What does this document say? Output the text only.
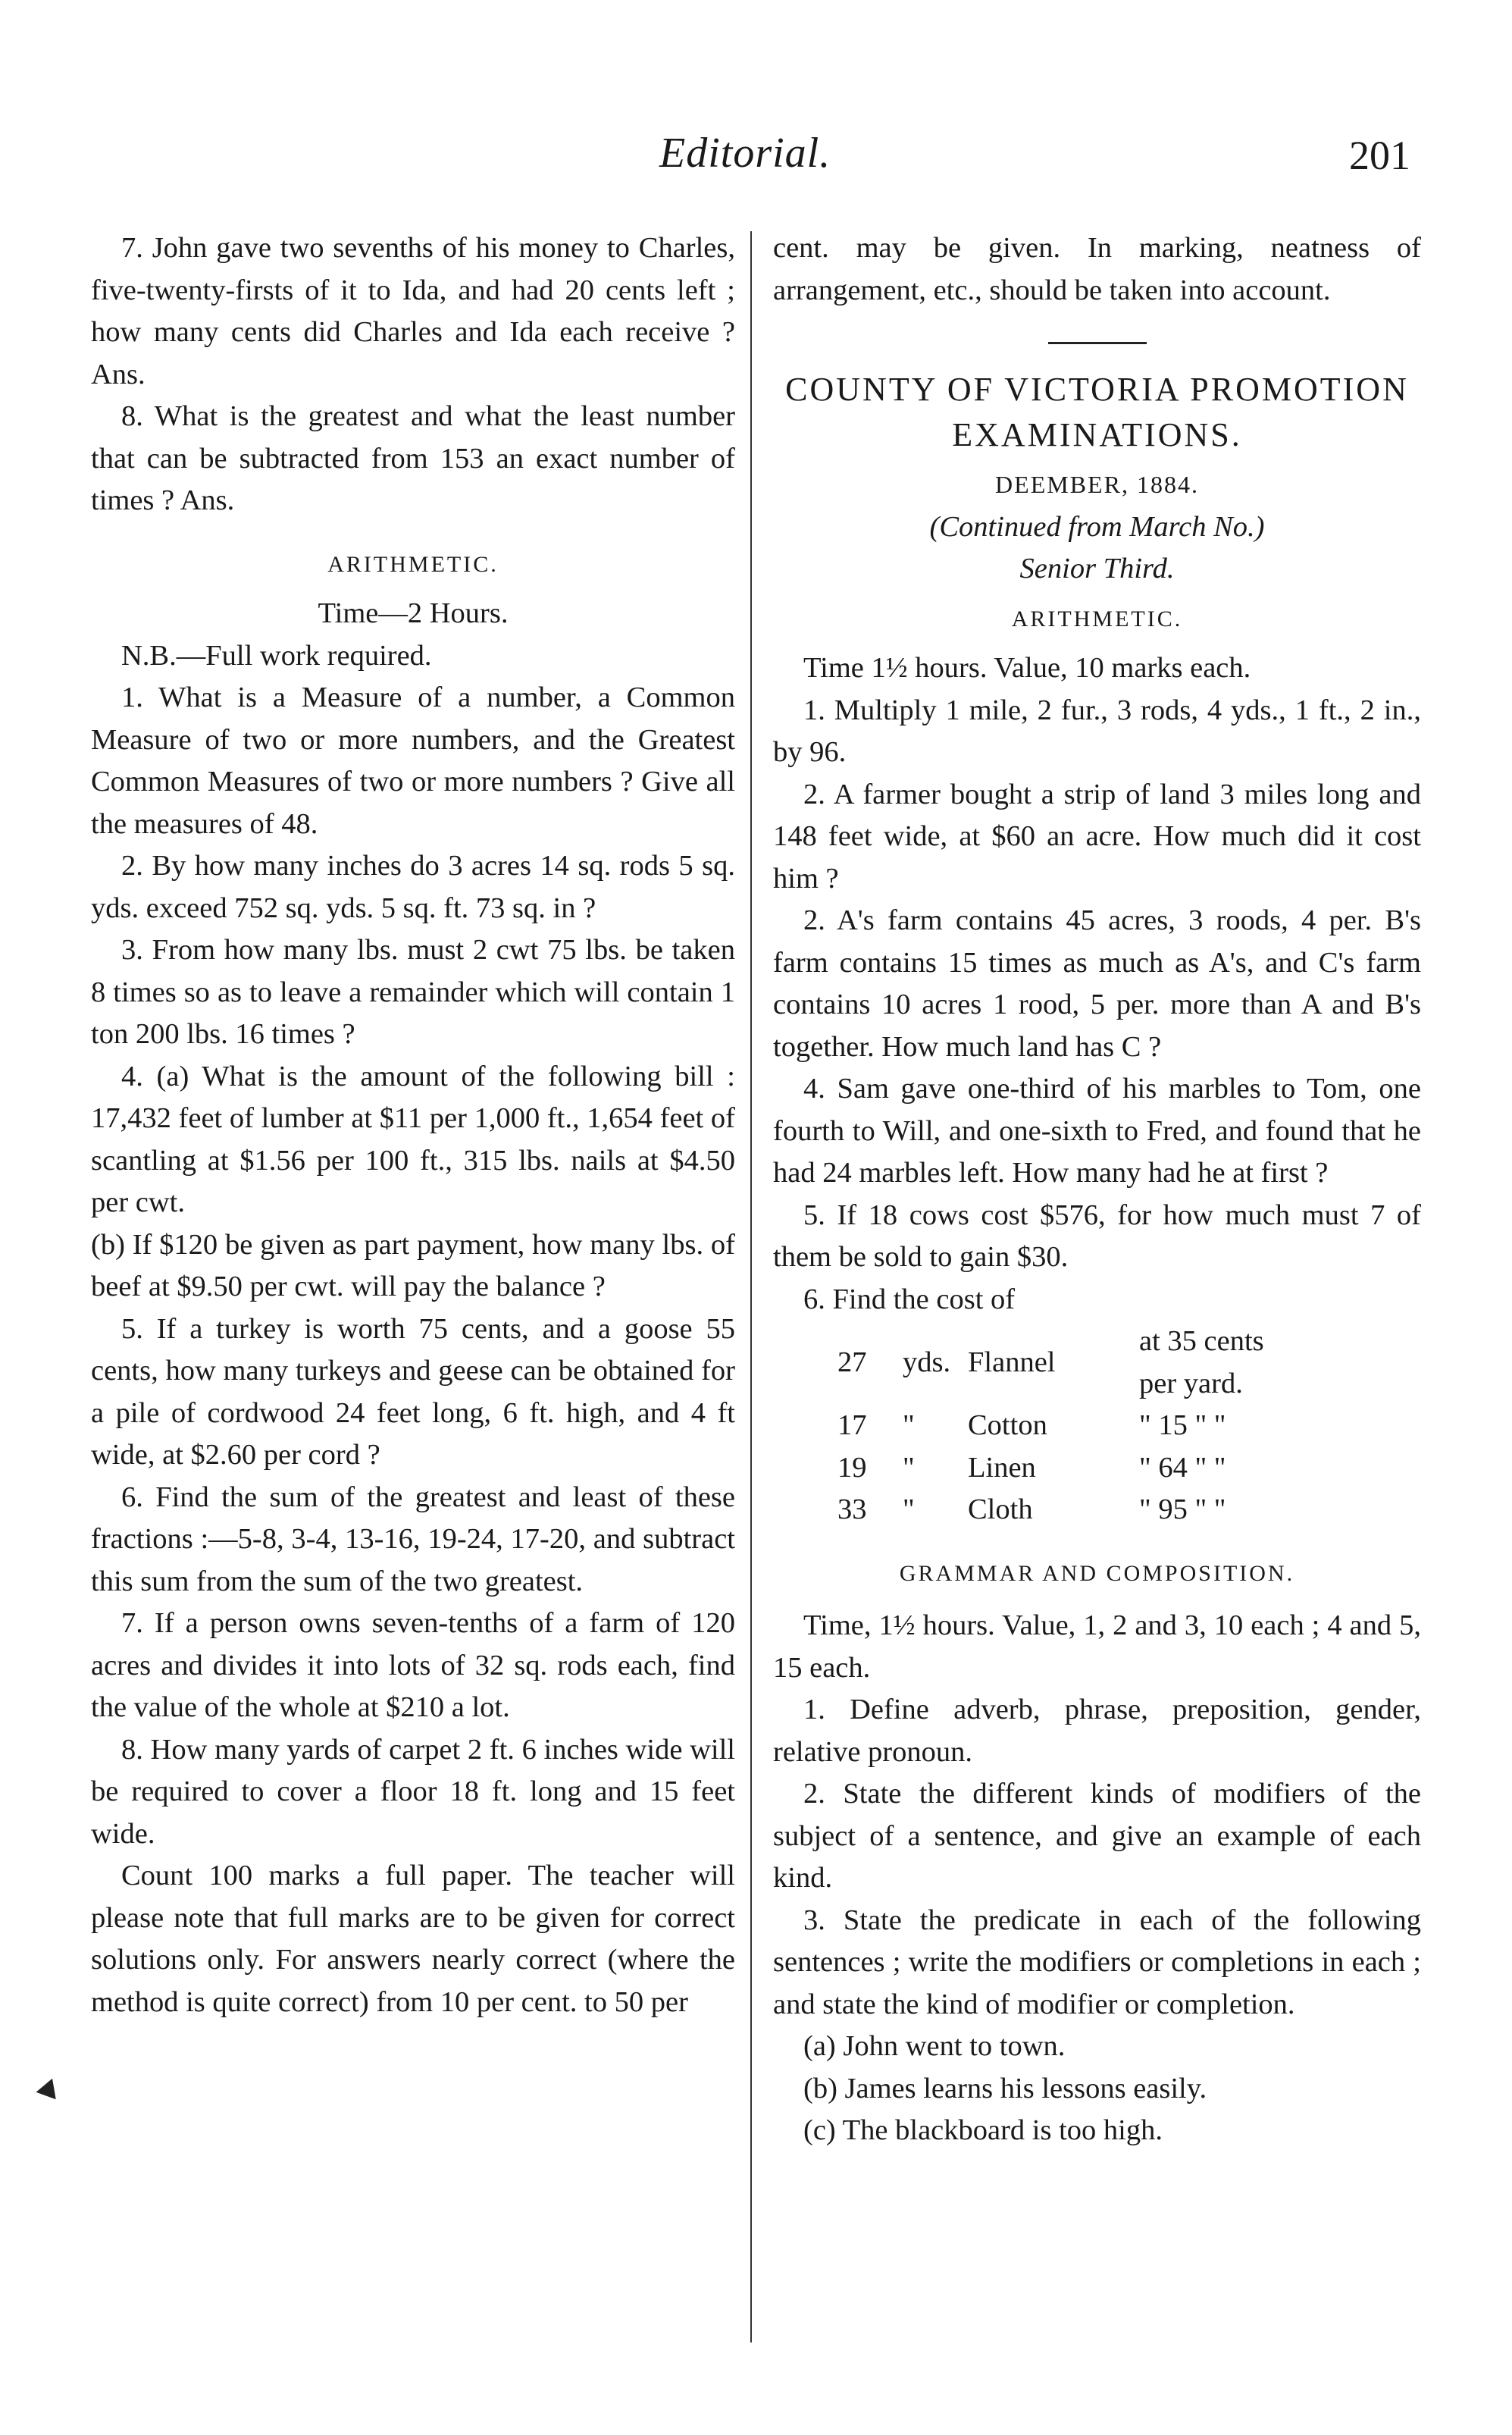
Editorial.	201

7. John gave two sevenths of his money to Charles, five-twenty-firsts of it to Ida, and had 20 cents left ; how many cents did Charles and Ida each receive ? Ans.

8. What is the greatest and what the least number that can be subtracted from 153 an exact number of times ? Ans.

ARITHMETIC.

Time—2 Hours.

N.B.—Full work required.

1. What is a Measure of a number, a Common Measure of two or more numbers, and the Greatest Common Measures of two or more numbers ? Give all the measures of 48.

2. By how many inches do 3 acres 14 sq. rods 5 sq. yds. exceed 752 sq. yds. 5 sq. ft. 73 sq. in ?

3. From how many lbs. must 2 cwt 75 lbs. be taken 8 times so as to leave a remainder which will contain 1 ton 200 lbs. 16 times ?

4. (a) What is the amount of the following bill : 17,432 feet of lumber at $11 per 1,000 ft., 1,654 feet of scantling at $1.56 per 100 ft., 315 lbs. nails at $4.50 per cwt.

(b) If $120 be given as part payment, how many lbs. of beef at $9.50 per cwt. will pay the balance ?

5. If a turkey is worth 75 cents, and a goose 55 cents, how many turkeys and geese can be obtained for a pile of cordwood 24 feet long, 6 ft. high, and 4 ft wide, at $2.60 per cord ?

6. Find the sum of the greatest and least of these fractions :—5-8, 3-4, 13-16, 19-24, 17-20, and subtract this sum from the sum of the two greatest.

7. If a person owns seven-tenths of a farm of 120 acres and divides it into lots of 32 sq. rods each, find the value of the whole at $210 a lot.

8. How many yards of carpet 2 ft. 6 inches wide will be required to cover a floor 18 ft. long and 15 feet wide.

Count 100 marks a full paper. The teacher will please note that full marks are to be given for correct solutions only. For answers nearly correct (where the method is quite correct) from 10 per cent. to 50 per

cent. may be given. In marking, neatness of arrangement, etc., should be taken into account.

COUNTY OF VICTORIA PROMOTION EXAMINATIONS.

DEEMBER, 1884.

(Continued from March No.)

Senior Third.

ARITHMETIC.

Time 1½ hours. Value, 10 marks each.

1. Multiply 1 mile, 2 fur., 3 rods, 4 yds., 1 ft., 2 in., by 96.

2. A farmer bought a strip of land 3 miles long and 148 feet wide, at $60 an acre. How much did it cost him ?

2. A's farm contains 45 acres, 3 roods, 4 per. B's farm contains 15 times as much as A's, and C's farm contains 10 acres 1 rood, 5 per. more than A and B's together. How much land has C ?

4. Sam gave one-third of his marbles to Tom, one fourth to Will, and one-sixth to Fred, and found that he had 24 marbles left. How many had he at first ?

5. If 18 cows cost $576, for how much must 7 of them be sold to gain $30.

6. Find the cost of

27	yds.	Flannel	at 35 cents per yard.
17	"	Cotton	" 15 " "
19	"	Linen	" 64 " "
33	"	Cloth	" 95 " "

GRAMMAR AND COMPOSITION.

Time, 1½ hours. Value, 1, 2 and 3, 10 each ; 4 and 5, 15 each.

1. Define adverb, phrase, preposition, gender, relative pronoun.

2. State the different kinds of modifiers of the subject of a sentence, and give an example of each kind.

3. State the predicate in each of the following sentences ; write the modifiers or completions in each ; and state the kind of modifier or completion.

(a) John went to town.

(b) James learns his lessons easily.

(c) The blackboard is too high.
